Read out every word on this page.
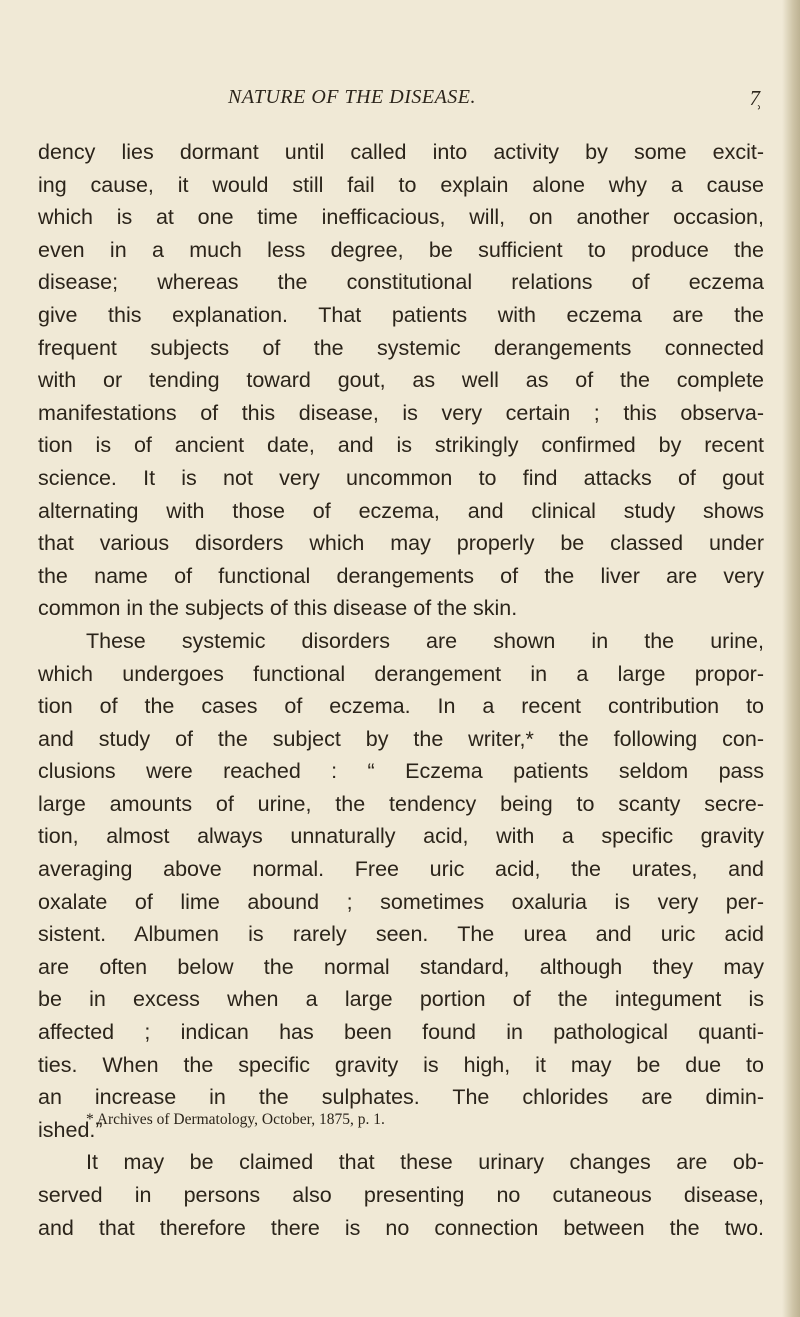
NATURE OF THE DISEASE.	7̹
dency lies dormant until called into activity by some excit-
ing cause, it would still fail to explain alone why a cause
which is at one time inefficacious, will, on another occasion,
even in a much less degree, be sufficient to produce the
disease; whereas the constitutional relations of eczema
give this explanation. That patients with eczema are the
frequent subjects of the systemic derangements connected
with or tending toward gout, as well as of the complete
manifestations of this disease, is very certain ; this observa-
tion is of ancient date, and is strikingly confirmed by recent
science. It is not very uncommon to find attacks of gout
alternating with those of eczema, and clinical study shows
that various disorders which may properly be classed under
the name of functional derangements of the liver are very
common in the subjects of this disease of the skin.
These systemic disorders are shown in the urine,
which undergoes functional derangement in a large propor-
tion of the cases of eczema. In a recent contribution to
and study of the subject by the writer,* the following con-
clusions were reached : “ Eczema patients seldom pass
large amounts of urine, the tendency being to scanty secre-
tion, almost always unnaturally acid, with a specific gravity
averaging above normal. Free uric acid, the urates, and
oxalate of lime abound ; sometimes oxaluria is very per-
sistent. Albumen is rarely seen. The urea and uric acid
are often below the normal standard, although they may
be in excess when a large portion of the integument is
affected ; indican has been found in pathological quanti-
ties. When the specific gravity is high, it may be due to
an increase in the sulphates. The chlorides are dimin-
ished.”
It may be claimed that these urinary changes are ob-
served in persons also presenting no cutaneous disease,
and that therefore there is no connection between the two.
* Archives of Dermatology, October, 1875, p. 1.
